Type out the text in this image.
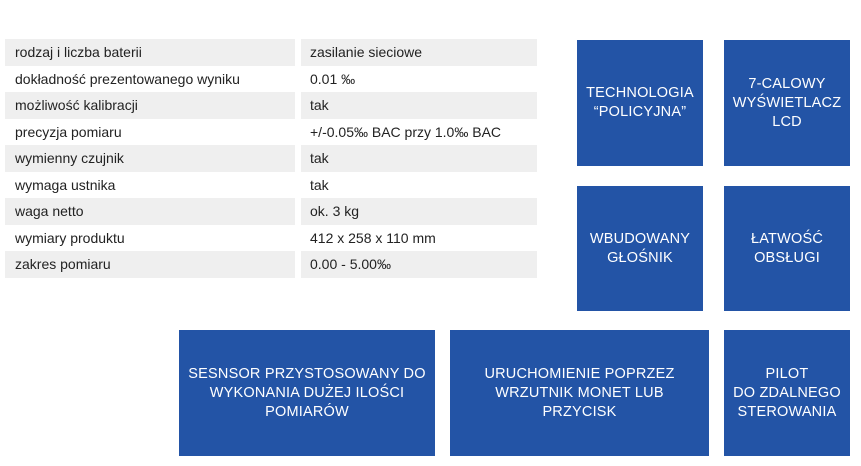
rodzaj i liczba baterii	zasilanie sieciowe
dokładność prezentowanego wyniku	0.01 ‰
możliwość kalibracji	tak
precyzja pomiaru	+/-0.05‰ BAC przy 1.0‰ BAC
wymienny czujnik	tak
wymaga ustnika	tak
waga netto	ok. 3 kg
wymiary produktu	412 x 258 x 110 mm
zakres pomiaru	0.00 - 5.00‰
TECHNOLOGIA
“POLICYJNA”
7-CALOWY
WYŚWIETLACZ
LCD
WBUDOWANY
GŁOŚNIK
ŁATWOŚĆ
OBSŁUGI
SESNSOR PRZYSTOSOWANY DO
WYKONANIA DUŻEJ ILOŚCI
POMIARÓW
URUCHOMIENIE POPRZEZ
WRZUTNIK MONET LUB
PRZYCISK
PILOT
DO ZDALNEGO
STEROWANIA
